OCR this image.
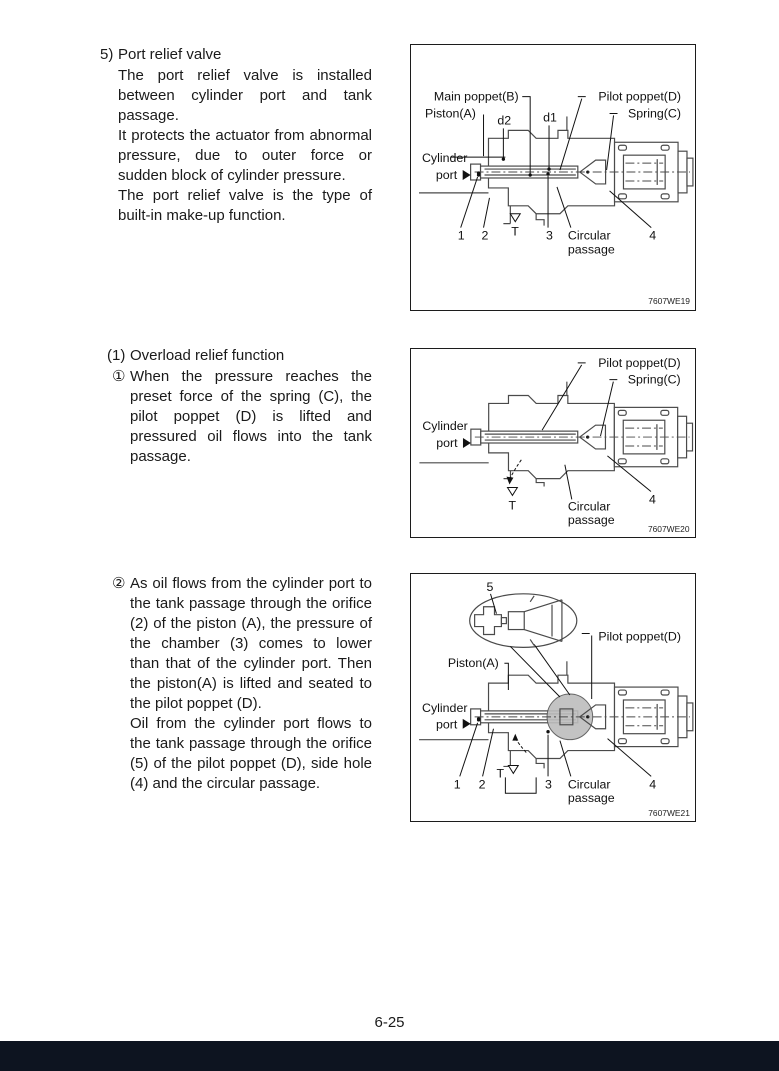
5) Port relief valve
The port relief valve is installed between cylinder port and tank passage.
It protects the actuator from abnormal pressure, due to outer force or sudden block of cylinder pressure.
The port relief valve is the type of built-in make-up function.
Main poppet(B)	Pilot poppet(D)
Piston(A)	Spring(C)
d2	d1
Cylinder
port
1 2 T 3 Circular
passage
4
7607WE19
(1) Overload relief function
① When the pressure reaches the preset force of the spring (C), the pilot poppet (D) is lifted and pressured oil flows into the tank passage.
Pilot poppet(D)
Spring(C)
Cylinder
port
T	Circular
passage
4
7607WE20
② As oil flows from the cylinder port to the tank passage through the orifice (2) of the piston (A), the pressure of the chamber (3) comes to lower than that of the cylinder port. Then the piston(A) is lifted and seated to the pilot poppet (D).
Oil from the cylinder port flows to the tank passage through the orifice (5) of the pilot poppet (D), side hole (4) and the circular passage.
5
Pilot poppet(D)
Piston(A)
Cylinder
port
1 2
T
3 Circular
passage
4
7607WE21
6-25
